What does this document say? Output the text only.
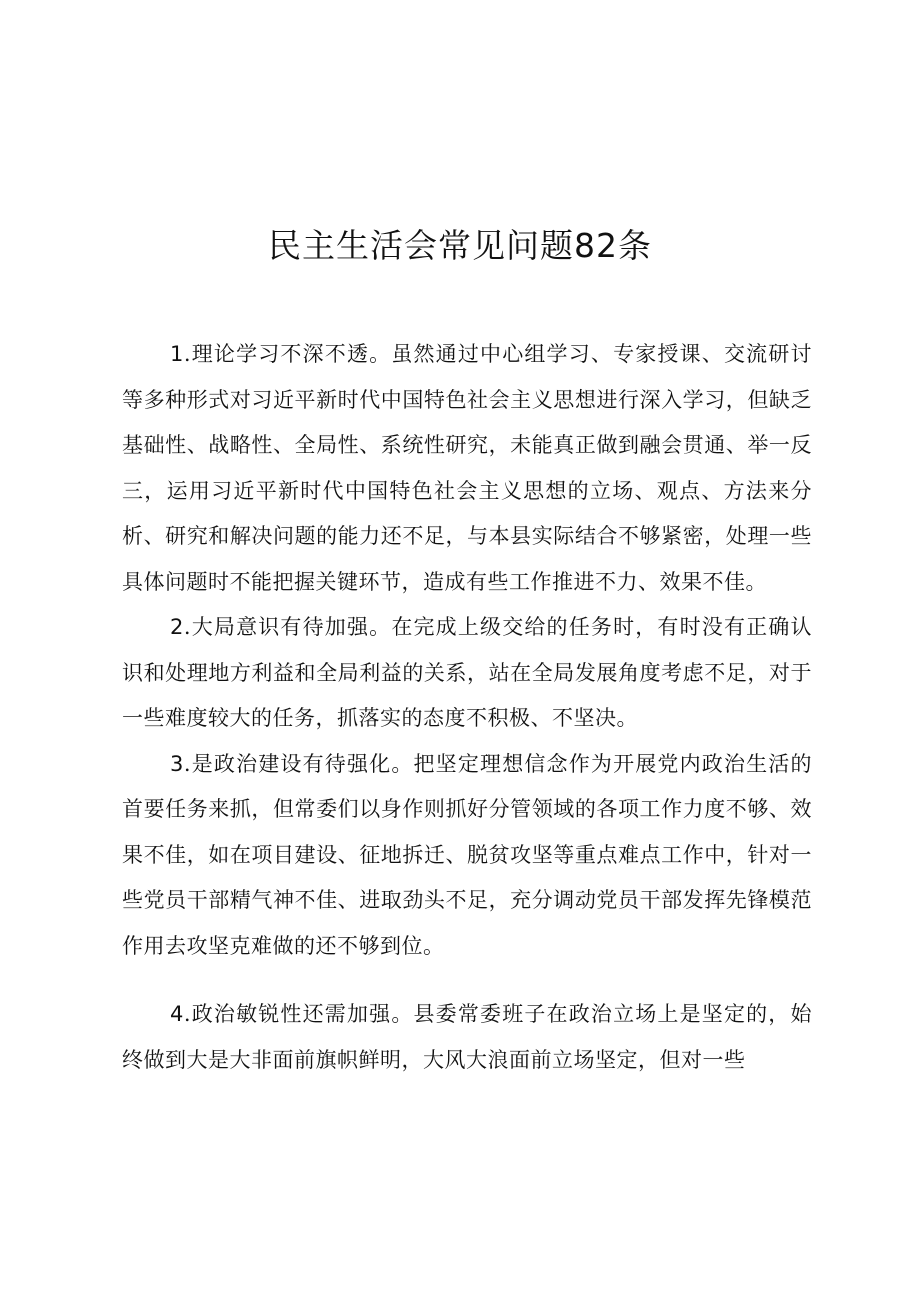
民主生活会常见问题82条

1.理论学习不深不透。虽然通过中心组学习、专家授课、交流研讨等多种形式对习近平新时代中国特色社会主义思想进行深入学习，但缺乏基础性、战略性、全局性、系统性研究，未能真正做到融会贯通、举一反三，运用习近平新时代中国特色社会主义思想的立场、观点、方法来分析、研究和解决问题的能力还不足，与本县实际结合不够紧密，处理一些具体问题时不能把握关键环节，造成有些工作推进不力、效果不佳。

2.大局意识有待加强。在完成上级交给的任务时，有时没有正确认识和处理地方利益和全局利益的关系，站在全局发展角度考虑不足，对于一些难度较大的任务，抓落实的态度不积极、不坚决。

3.是政治建设有待强化。把坚定理想信念作为开展党内政治生活的首要任务来抓，但常委们以身作则抓好分管领域的各项工作力度不够、效果不佳，如在项目建设、征地拆迁、脱贫攻坚等重点难点工作中，针对一些党员干部精气神不佳、进取劲头不足，充分调动党员干部发挥先锋模范作用去攻坚克难做的还不够到位。

4.政治敏锐性还需加强。县委常委班子在政治立场上是坚定的，始终做到大是大非面前旗帜鲜明，大风大浪面前立场坚定，但对一些
